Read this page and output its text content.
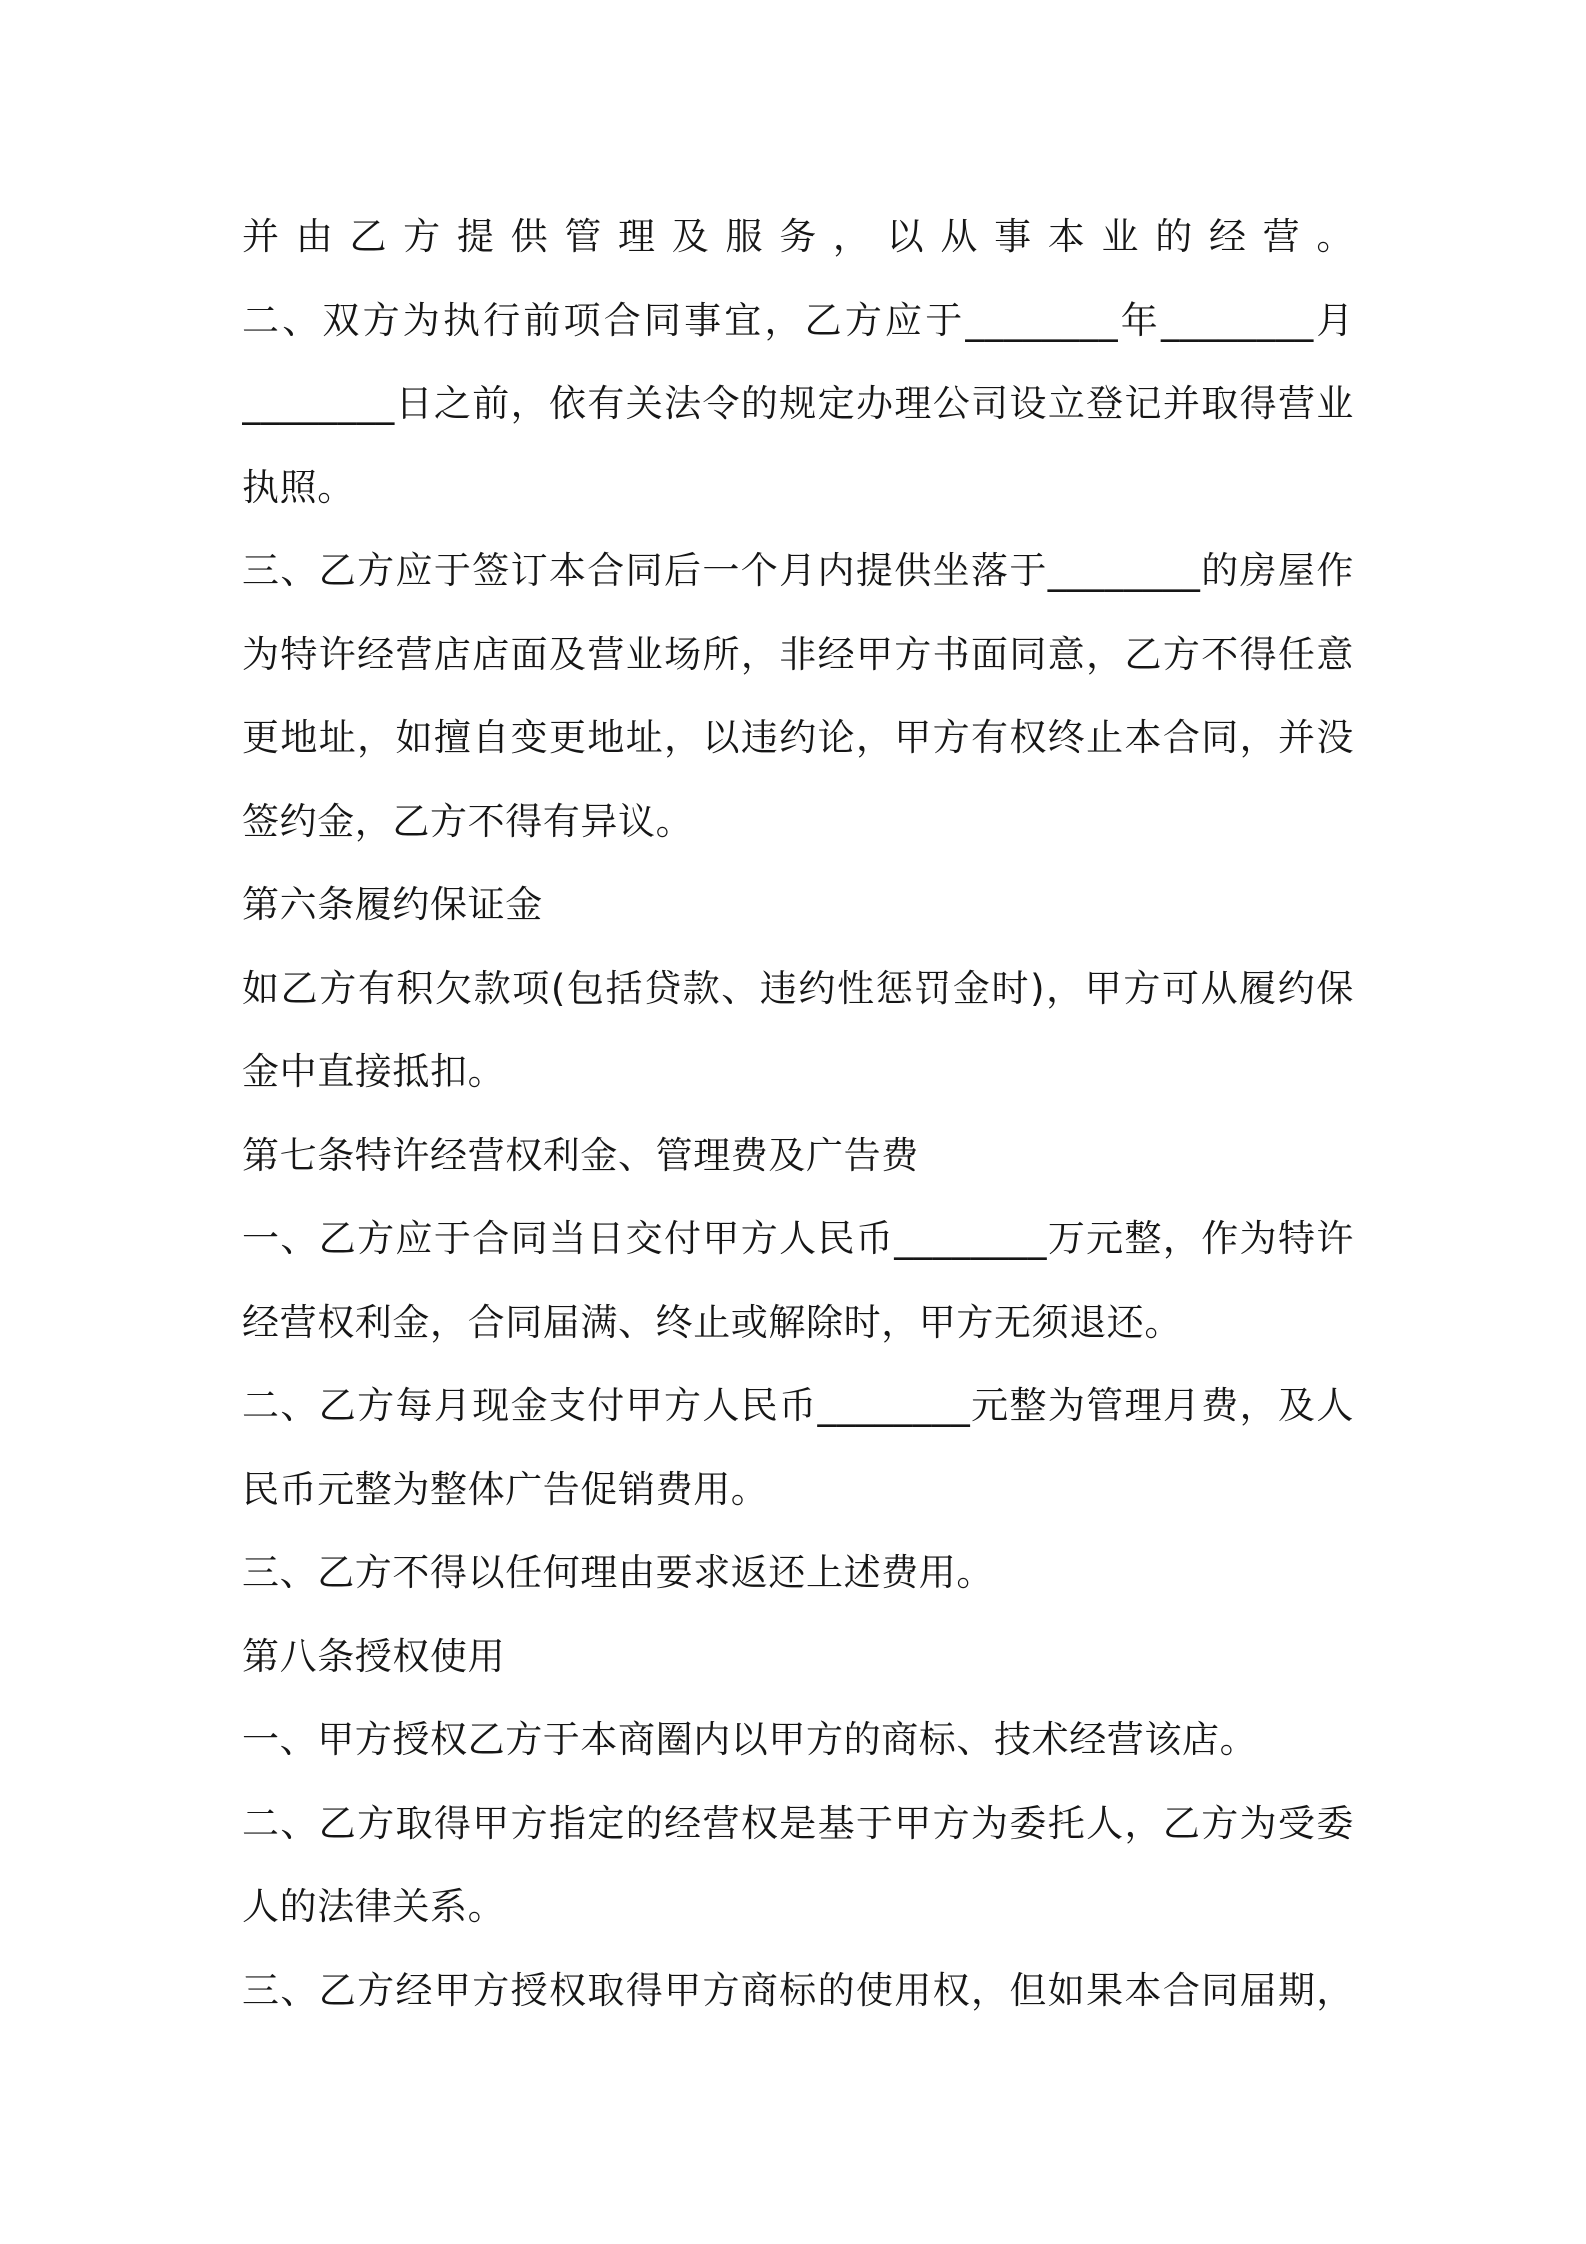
并由乙方提供管理及服务，以从事本业的经营。
二、双方为执行前项合同事宜，乙方应于________年________月
________日之前，依有关法令的规定办理公司设立登记并取得营业
执照。
三、乙方应于签订本合同后一个月内提供坐落于________的房屋作
为特许经营店店面及营业场所，非经甲方书面同意，乙方不得任意
更地址，如擅自变更地址，以违约论，甲方有权终止本合同，并没
签约金，乙方不得有异议。
第六条履约保证金
如乙方有积欠款项(包括贷款、违约性惩罚金时)，甲方可从履约保
金中直接抵扣。
第七条特许经营权利金、管理费及广告费
一、乙方应于合同当日交付甲方人民币________万元整，作为特许
经营权利金，合同届满、终止或解除时，甲方无须退还。
二、乙方每月现金支付甲方人民币________元整为管理月费，及人
民币元整为整体广告促销费用。
三、乙方不得以任何理由要求返还上述费用。
第八条授权使用
一、甲方授权乙方于本商圈内以甲方的商标、技术经营该店。
二、乙方取得甲方指定的经营权是基于甲方为委托人，乙方为受委
人的法律关系。
三、乙方经甲方授权取得甲方商标的使用权，但如果本合同届期，
